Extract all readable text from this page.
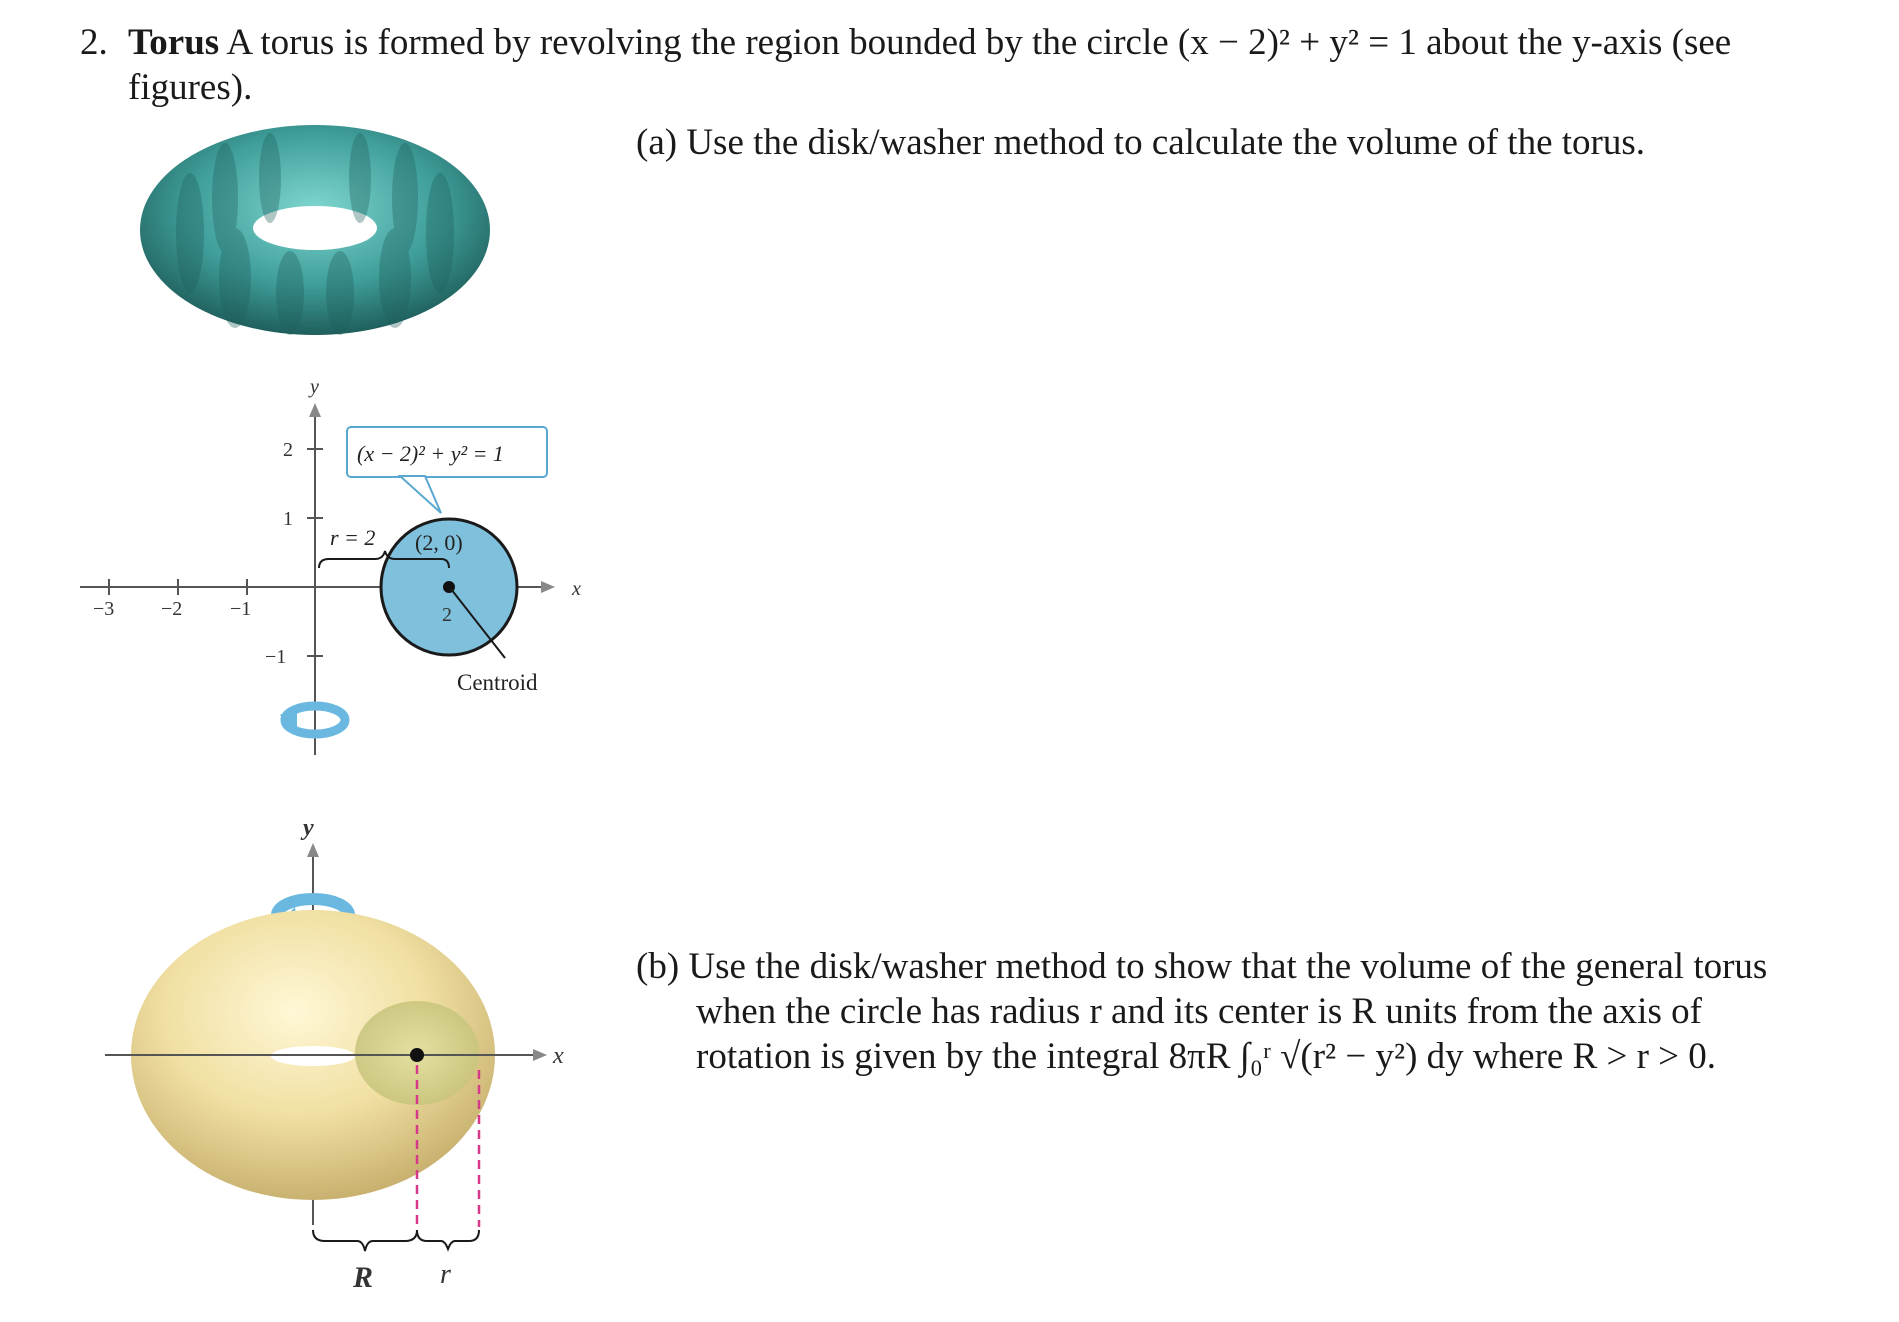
2. Torus A torus is formed by revolving the region bounded by the circle (x − 2)² + y² = 1 about the y-axis (see
figures).
(a) Use the disk/washer method to calculate the volume of the torus.
(b) Use the disk/washer method to show that the volume of the general torus
when the circle has radius r and its center is R units from the axis of
rotation is given by the integral 8πR ∫₀ʳ √(r² − y²) dy where R > r > 0.
x
y
−3 −2 −1
2
1
−1
2
(2, 0)
r = 2
(x − 2)² + y² = 1
Centroid
y
x
R r
